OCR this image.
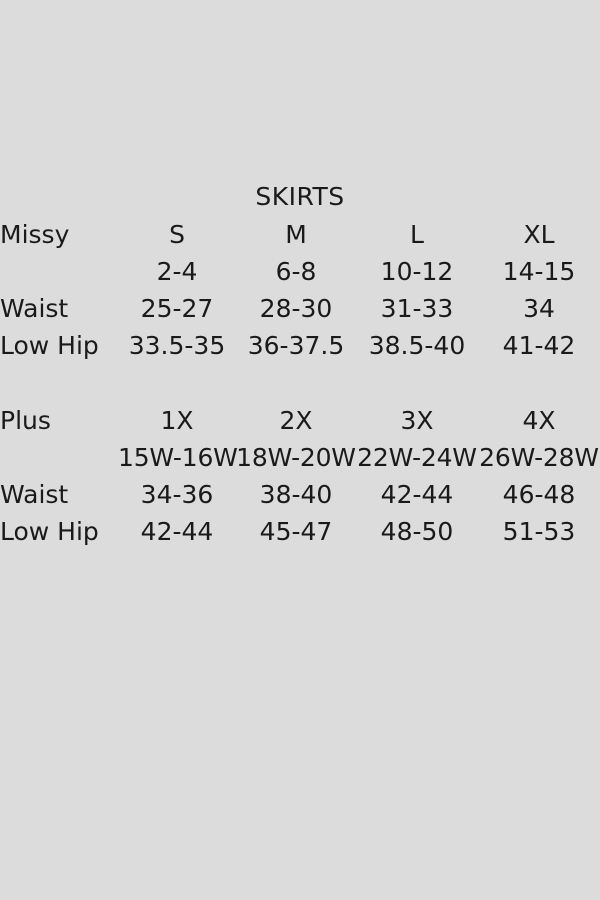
SKIRTS
Missy	S	M	L	XL
	2-4	6-8	10-12	14-15
Waist	25-27	28-30	31-33	34
Low Hip	33.5-35	36-37.5	38.5-40	41-42

Plus	1X	2X	3X	4X
	15W-16W	18W-20W	22W-24W	26W-28W
Waist	34-36	38-40	42-44	46-48
Low Hip	42-44	45-47	48-50	51-53
